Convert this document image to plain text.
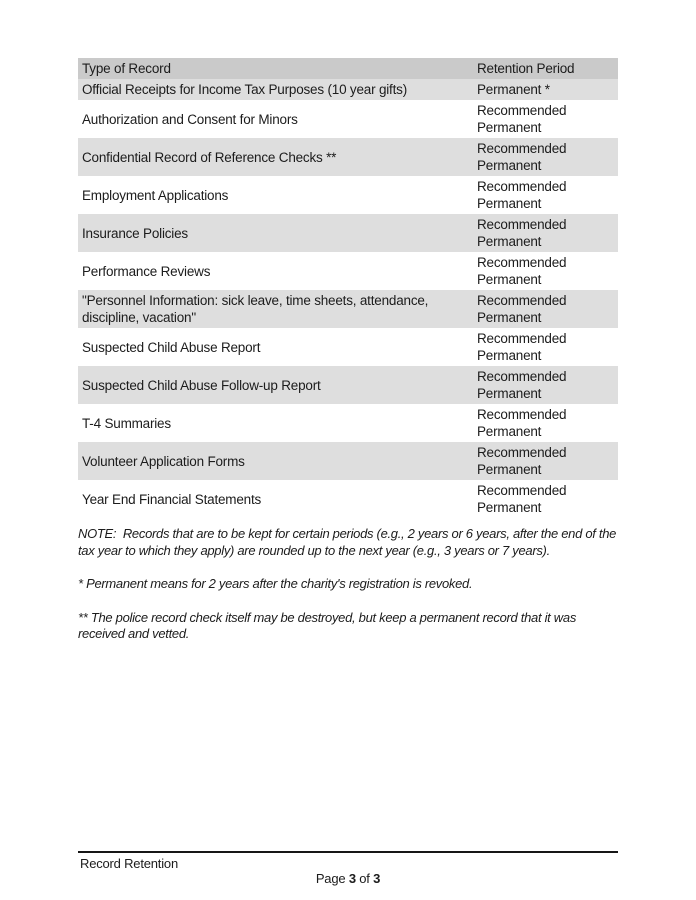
Type of Record	Retention Period
Official Receipts for Income Tax Purposes (10 year gifts)	Permanent *
Authorization and Consent for Minors	Recommended Permanent
Confidential Record of Reference Checks **	Recommended Permanent
Employment Applications	Recommended Permanent
Insurance Policies	Recommended Permanent
Performance Reviews	Recommended Permanent
"Personnel Information: sick leave, time sheets, attendance, discipline, vacation"	Recommended Permanent
Suspected Child Abuse Report	Recommended Permanent
Suspected Child Abuse Follow-up Report	Recommended Permanent
T-4 Summaries	Recommended Permanent
Volunteer Application Forms	Recommended Permanent
Year End Financial Statements	Recommended Permanent

NOTE:  Records that are to be kept for certain periods (e.g., 2 years or 6 years, after the end of the tax year to which they apply) are rounded up to the next year (e.g., 3 years or 7 years).

* Permanent means for 2 years after the charity's registration is revoked.

** The police record check itself may be destroyed, but keep a permanent record that it was received and vetted.

Record Retention
Page 3 of 3
